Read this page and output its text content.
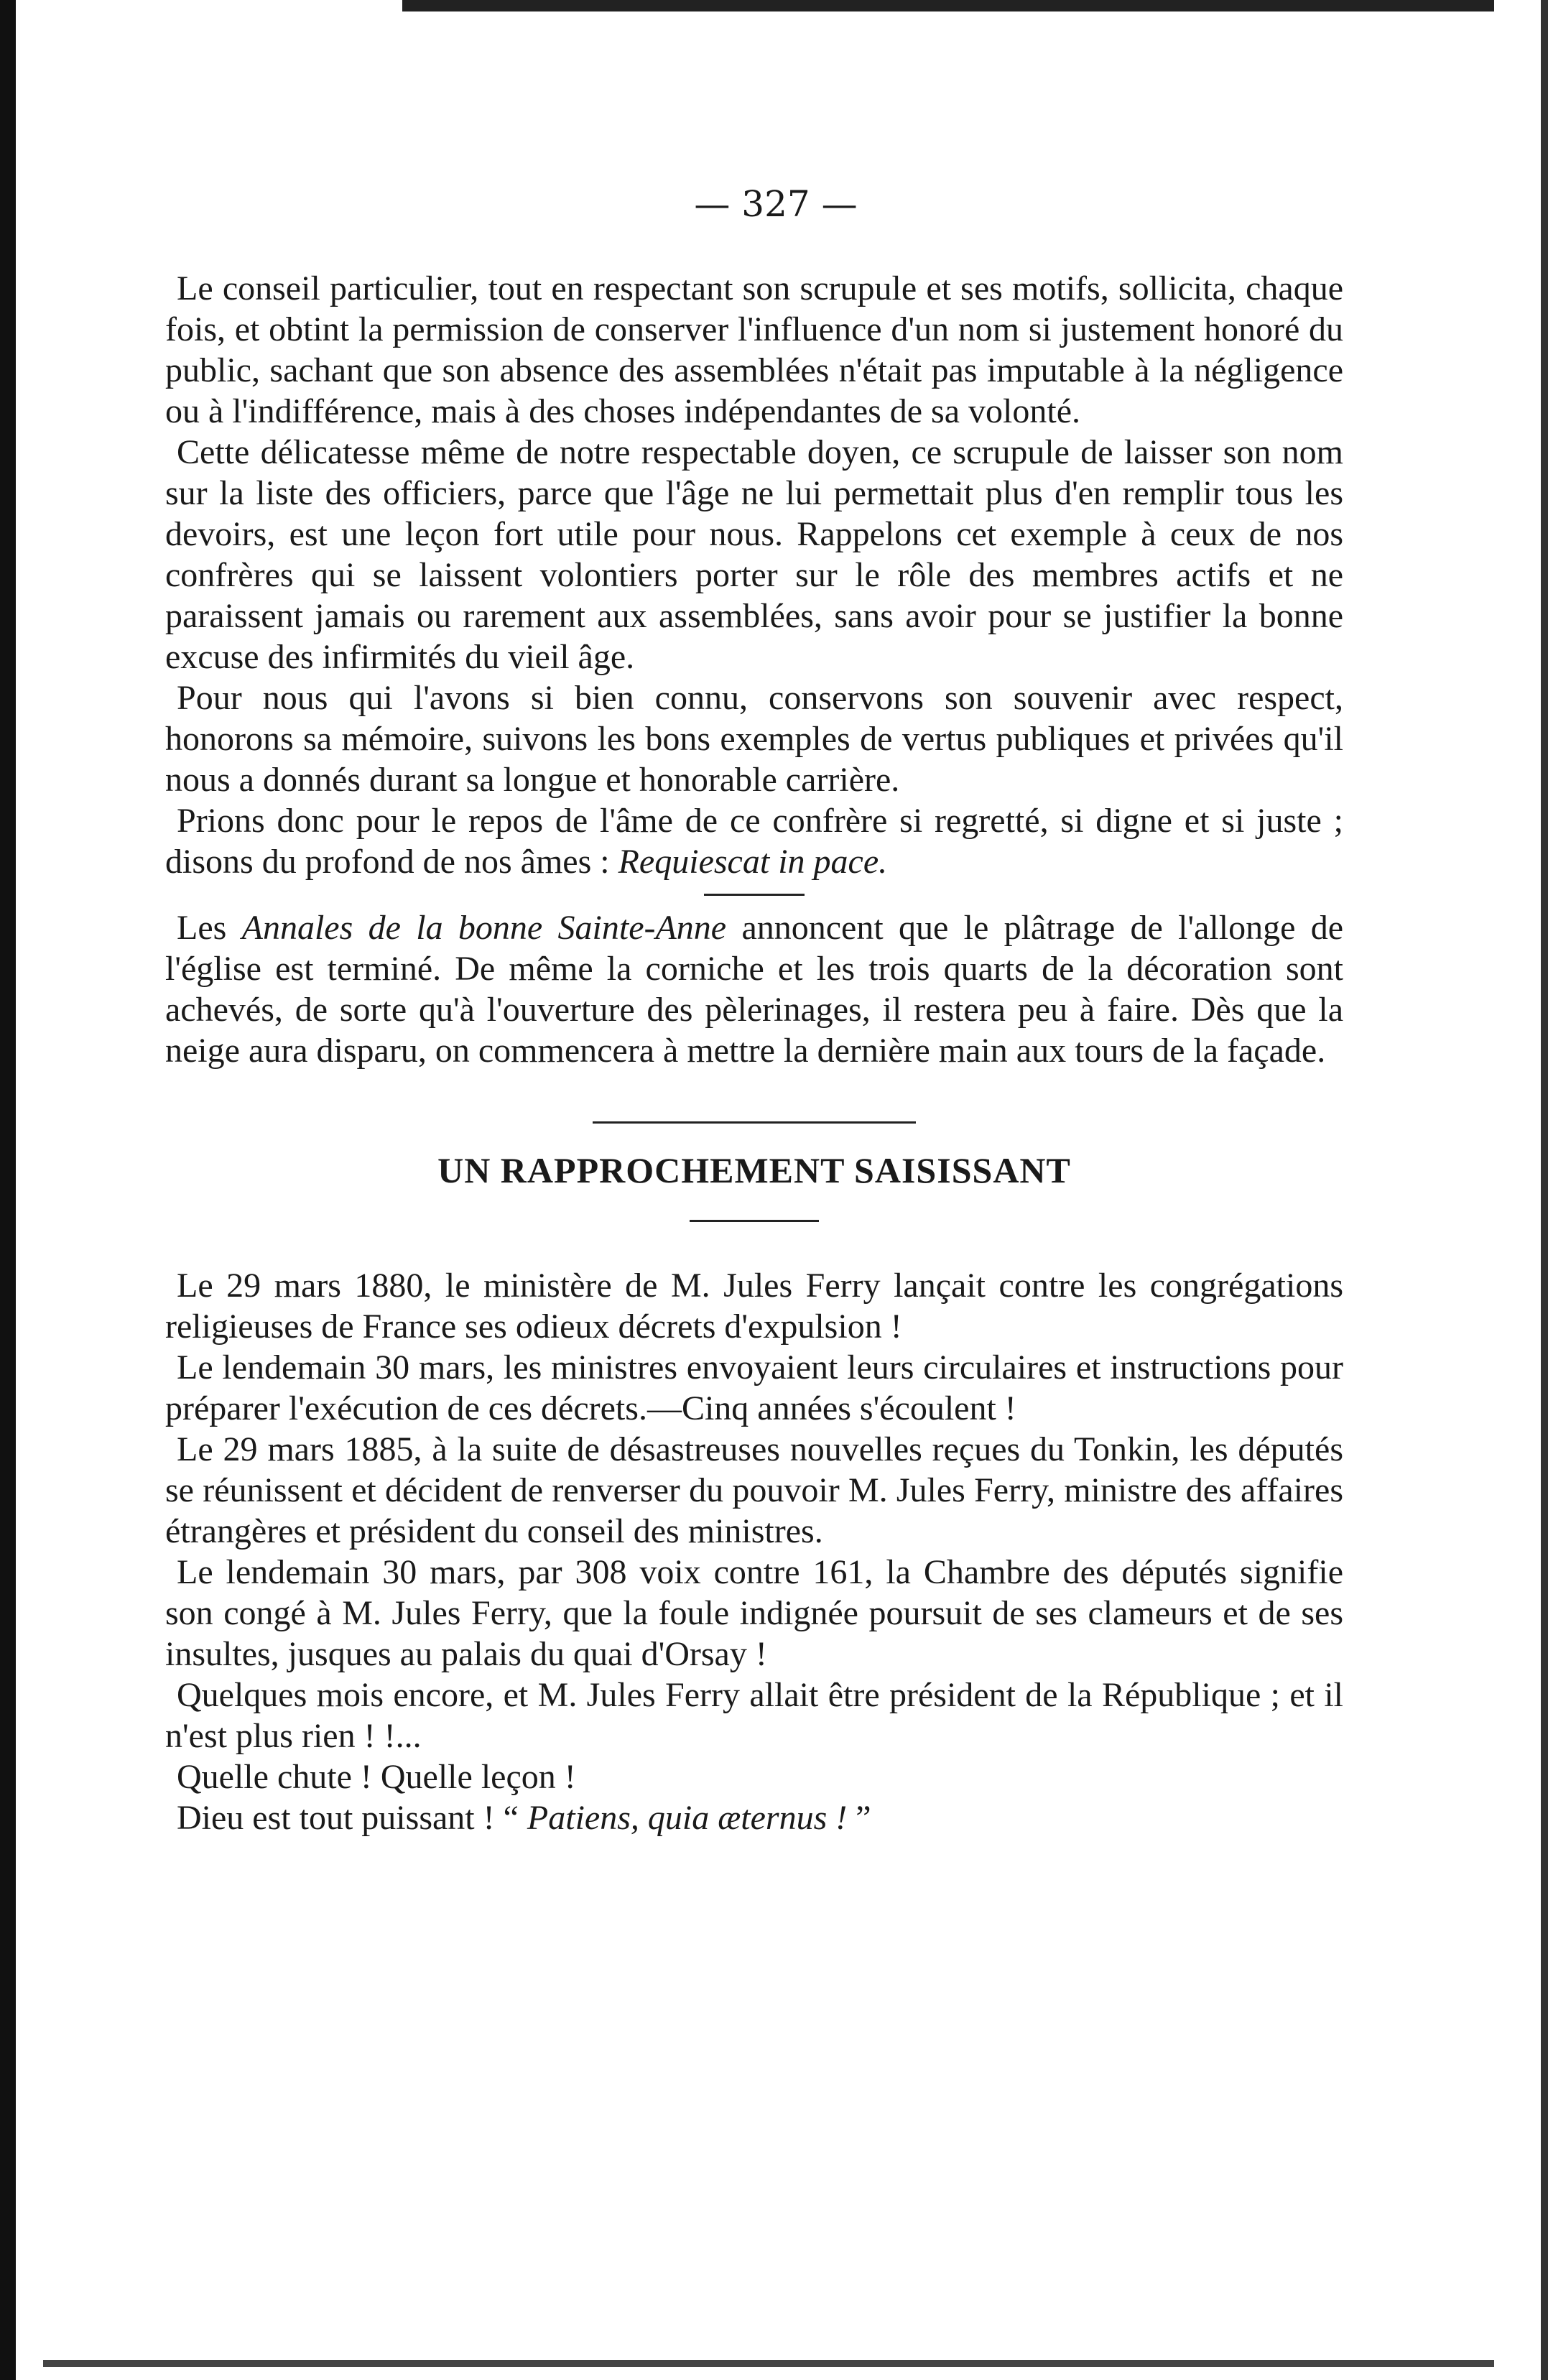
— 327 —

Le conseil particulier, tout en respectant son scrupule et ses motifs, sollicita, chaque fois, et obtint la permission de conserver l'influence d'un nom si justement honoré du public, sachant que son absence des assemblées n'était pas imputable à la négligence ou à l'indifférence, mais à des choses indépendantes de sa volonté.

Cette délicatesse même de notre respectable doyen, ce scrupule de laisser son nom sur la liste des officiers, parce que l'âge ne lui permettait plus d'en remplir tous les devoirs, est une leçon fort utile pour nous. Rappelons cet exemple à ceux de nos confrères qui se laissent volontiers porter sur le rôle des membres actifs et ne paraissent jamais ou rarement aux assemblées, sans avoir pour se justifier la bonne excuse des infirmités du vieil âge.

Pour nous qui l'avons si bien connu, conservons son souvenir avec respect, honorons sa mémoire, suivons les bons exemples de vertus publiques et privées qu'il nous a donnés durant sa longue et honorable carrière.

Prions donc pour le repos de l'âme de ce confrère si regretté, si digne et si juste ; disons du profond de nos âmes : Requiescat in pace.

Les Annales de la bonne Sainte-Anne annoncent que le plâtrage de l'allonge de l'église est terminé. De même la corniche et les trois quarts de la décoration sont achevés, de sorte qu'à l'ouverture des pèlerinages, il restera peu à faire. Dès que la neige aura disparu, on commencera à mettre la dernière main aux tours de la façade.

UN RAPPROCHEMENT SAISISSANT

Le 29 mars 1880, le ministère de M. Jules Ferry lançait contre les congrégations religieuses de France ses odieux décrets d'expulsion !

Le lendemain 30 mars, les ministres envoyaient leurs circulaires et instructions pour préparer l'exécution de ces décrets.—Cinq années s'écoulent !

Le 29 mars 1885, à la suite de désastreuses nouvelles reçues du Tonkin, les députés se réunissent et décident de renverser du pouvoir M. Jules Ferry, ministre des affaires étrangères et président du conseil des ministres.

Le lendemain 30 mars, par 308 voix contre 161, la Chambre des députés signifie son congé à M. Jules Ferry, que la foule indignée poursuit de ses clameurs et de ses insultes, jusques au palais du quai d'Orsay !

Quelques mois encore, et M. Jules Ferry allait être président de la République ; et il n'est plus rien ! !...

Quelle chute ! Quelle leçon !

Dieu est tout puissant ! “ Patiens, quia æternus ! ”
